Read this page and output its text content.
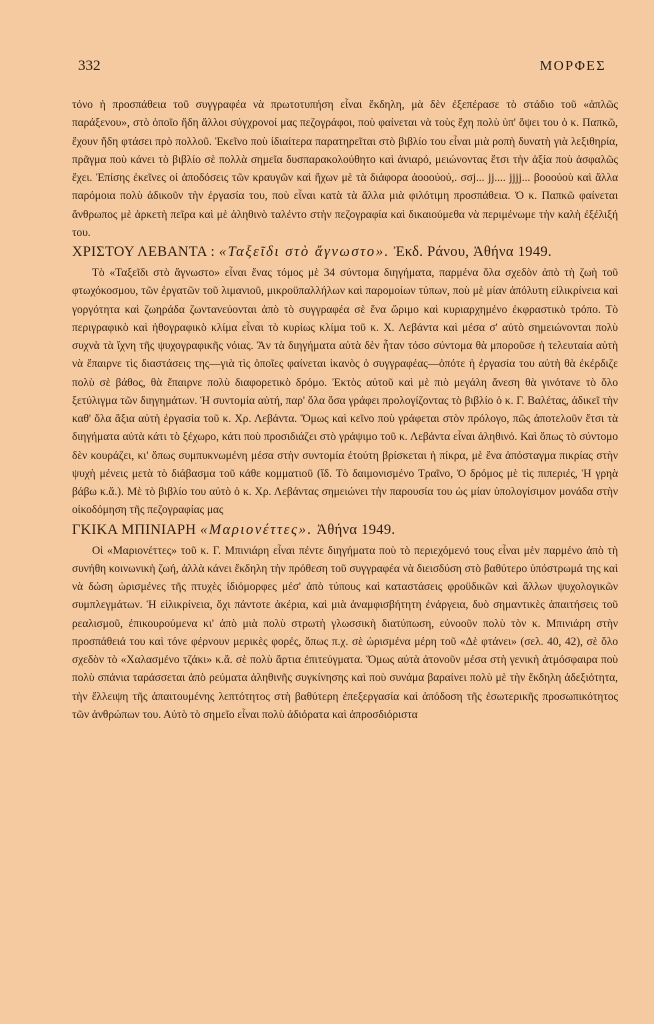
332	ΜΟΡΦΕΣ

τόνο ἡ προσπάθεια τοῦ συγγραφέα νὰ πρωτοτυπήση εἶναι ἔκδηλη, μὰ δὲν ἐξεπέρασε τὸ στάδιο τοῦ «ἁπλῶς παράξενου», στὸ ὁποῖο ἤδη ἄλλοι σύγχρονοί μας πεζογράφοι, ποὺ φαίνεται νὰ τοὺς ἔχη πολὺ ὑπ' ὄψει του ὁ κ. Παπκῶ, ἔχουν ἤδη φτάσει πρὸ πολλοῦ. Ἐκεῖνο ποὺ ἰδιαίτερα παρατηρεῖται στὸ βιβλίο του εἶναι μιὰ ροπὴ δυνατὴ γιὰ λεξιθηρία, πρᾶγμα ποὺ κάνει τὸ βιβλίο σὲ πολλὰ σημεῖα δυσπαρακολούθητο καὶ ἀνιαρό, μειώνοντας ἔτσι τὴν ἀξία ποὺ ἀσφαλῶς ἔχει. Ἐπίσης ἐκεῖνες οἱ ἀποδόσεις τῶν κραυγῶν καὶ ἤχων μὲ τὰ διάφορα ἀοοούού,. σσj... jj.... jjjj... βοοούοὺ καὶ ἄλλα παρόμοια πολὺ ἀδικοῦν τὴν ἐργασία του, ποὺ εἶναι κατὰ τὰ ἄλλα μιὰ φιλότιμη προσπάθεια. Ὁ κ. Παπκῶ φαίνεται ἄνθρωπος μὲ ἀρκετὴ πεῖρα καὶ μὲ ἀληθινὸ ταλέντο στὴν πεζογραφία καὶ δικαιούμεθα νὰ περιμένωμε τὴν καλὴ ἐξέλιξή του.

ΧΡΙΣΤΟΥ ΛΕΒΑΝΤΑ : «Ταξεῖδι στὸ ἄγνωστο». Ἐκδ. Ράνου, Ἀθήνα 1949.

Τὸ «Ταξεῖδι στὸ ἄγνωστο» εἶναι ἕνας τόμος μὲ 34 σύντομα διηγήματα, παρμένα ὅλα σχεδὸν ἀπὸ τὴ ζωὴ τοῦ φτωχόκοσμου, τῶν ἐργατῶν τοῦ λιμανιοῦ, μικροϋπαλλήλων καὶ παρομοίων τύπων, ποὺ μὲ μίαν ἀπόλυτη εἰλικρίνεια καὶ γοργότητα καὶ ζωηράδα ζωντανεύονται ἀπὸ τὸ συγγραφέα σὲ ἕνα ὥριμο καὶ κυριαρχημένο ἐκφραστικὸ τρόπο. Τὸ περιγραφικὸ καὶ ἠθογραφικὸ κλίμα εἶναι τὸ κυρίως κλίμα τοῦ κ. Χ. Λεβάντα καὶ μέσα σ' αὐτὸ σημειώνονται πολὺ συχνὰ τὰ ἴχνη τῆς ψυχογραφικῆς νόιας. Ἂν τὰ διηγήματα αὐτὰ δὲν ἦταν τόσο σύντομα θὰ μποροῦσε ἡ τελευταία αὐτὴ νὰ ἔπαιρνε τὶς διαστάσεις της—γιὰ τὶς ὁποῖες φαίνεται ἱκανὸς ὁ συγγραφέας—ὁπότε ἡ ἐργασία του αὐτὴ θὰ ἐκέρδιζε πολὺ σὲ βάθος, θὰ ἔπαιρνε πολὺ διαφορετικὸ δρόμο. Ἐκτὸς αὐτοῦ καὶ μὲ πιὸ μεγάλη ἄνεση θὰ γινότανε τὸ ὅλο ξετύλιγμα τῶν διηγημάτων. Ἡ συντομία αὐτή, παρ' ὅλα ὅσα γράφει προλογίζοντας τὸ βιβλίο ὁ κ. Γ. Βαλέτας, ἀδικεῖ τὴν καθ' ὅλα ἄξια αὐτὴ ἐργασία τοῦ κ. Χρ. Λεβάντα. Ὅμως καὶ κεῖνο ποὺ γράφεται στὸν πρόλογο, πῶς ἀποτελοῦν ἔτσι τὰ διηγήματα αὐτὰ κάτι τὸ ξέχωρο, κάτι ποὺ προσιδιάζει στὸ γράψιμο τοῦ κ. Λεβάντα εἶναι ἀληθινό. Καὶ ὅπως τὸ σύντομο δὲν κουράζει, κι' ὅπως συμπυκνωμένη μέσα στὴν συντομία ἐτούτη βρίσκεται ἡ πίκρα, μὲ ἕνα ἀπόσταγμα πικρίας στὴν ψυχὴ μένεις μετὰ τὸ διάβασμα τοῦ κάθε κομματιοῦ (ἴδ. Τὸ δαιμονισμένο Τραῖνο, Ὁ δρόμος μὲ τὶς πιπεριές, Ἡ γρηὰ βάβω κ.ἄ.). Μὲ τὸ βιβλίο του αὐτὸ ὁ κ. Χρ. Λεβάντας σημειώνει τὴν παρουσία του ὡς μίαν ὑπολογίσιμον μονάδα στὴν οἰκοδόμηση τῆς πεζογραφίας μας

ΓΚΙΚΑ ΜΠΙΝΙΑΡΗ «Μαριονέττες». Ἀθήνα 1949.

Οἱ «Μαριονέττες» τοῦ κ. Γ. Μπινιάρη εἶναι πέντε διηγήματα ποὺ τὸ περιεχόμενό τους εἶναι μὲν παρμένο ἀπὸ τὴ συνήθη κοινωνικὴ ζωή, ἀλλὰ κάνει ἔκδηλη τὴν πρόθεση τοῦ συγγραφέα νὰ διεισδύση στὸ βαθύτερο ὑπόστρωμά της καὶ νὰ δώση ὡρισμένες τῆς πτυχὲς ἰδιόμορφες μέσ' ἀπὸ τύπους καὶ καταστάσεις φροϋδικῶν καὶ ἄλλων ψυχολογικῶν συμπλεγμάτων. Ἡ εἰλικρίνεια, ὄχι πάντοτε ἀκέρια, καὶ μιὰ ἀναμφισβήτητη ἐνάργεια, δυὸ σημαντικὲς ἀπαιτήσεις τοῦ ρεαλισμοῦ, ἐπικουρούμενα κι' ἀπὸ μιὰ πολὺ στρωτὴ γλωσσικὴ διατύπωση, εὐνοοῦν πολὺ τὸν κ. Μπινιάρη στὴν προσπάθειά του καὶ τόνε φέρνουν μερικὲς φορές, ὅπως π.χ. σὲ ὡρισμένα μέρη τοῦ «Δὲ φτάνει» (σελ. 40, 42), σὲ ὅλο σχεδὸν τὸ «Χαλασμένο τζάκι» κ.ἄ. σὲ πολὺ ἄρτια ἐπιτεύγματα. Ὅμως αὐτὰ ἀτονοῦν μέσα στὴ γενικὴ ἀτμόσφαιρα ποὺ πολὺ σπάνια ταράσσεται ἀπὸ ρεύματα ἀληθινῆς συγκίνησης καὶ ποὺ συνάμα βαραίνει πολὺ μὲ τὴν ἔκδηλη ἀδεξιότητα, τὴν ἔλλειψη τῆς ἀπαιτουμένης λεπτότητος στὴ βαθύτερη ἐπεξεργασία καὶ ἀπόδοση τῆς ἐσωτερικῆς προσωπικότητος τῶν ἀνθρώπων του. Αὐτὸ τὸ σημεῖο εἶναι πολὺ ἀδιόρατα καὶ ἀπροσδιόριστα
